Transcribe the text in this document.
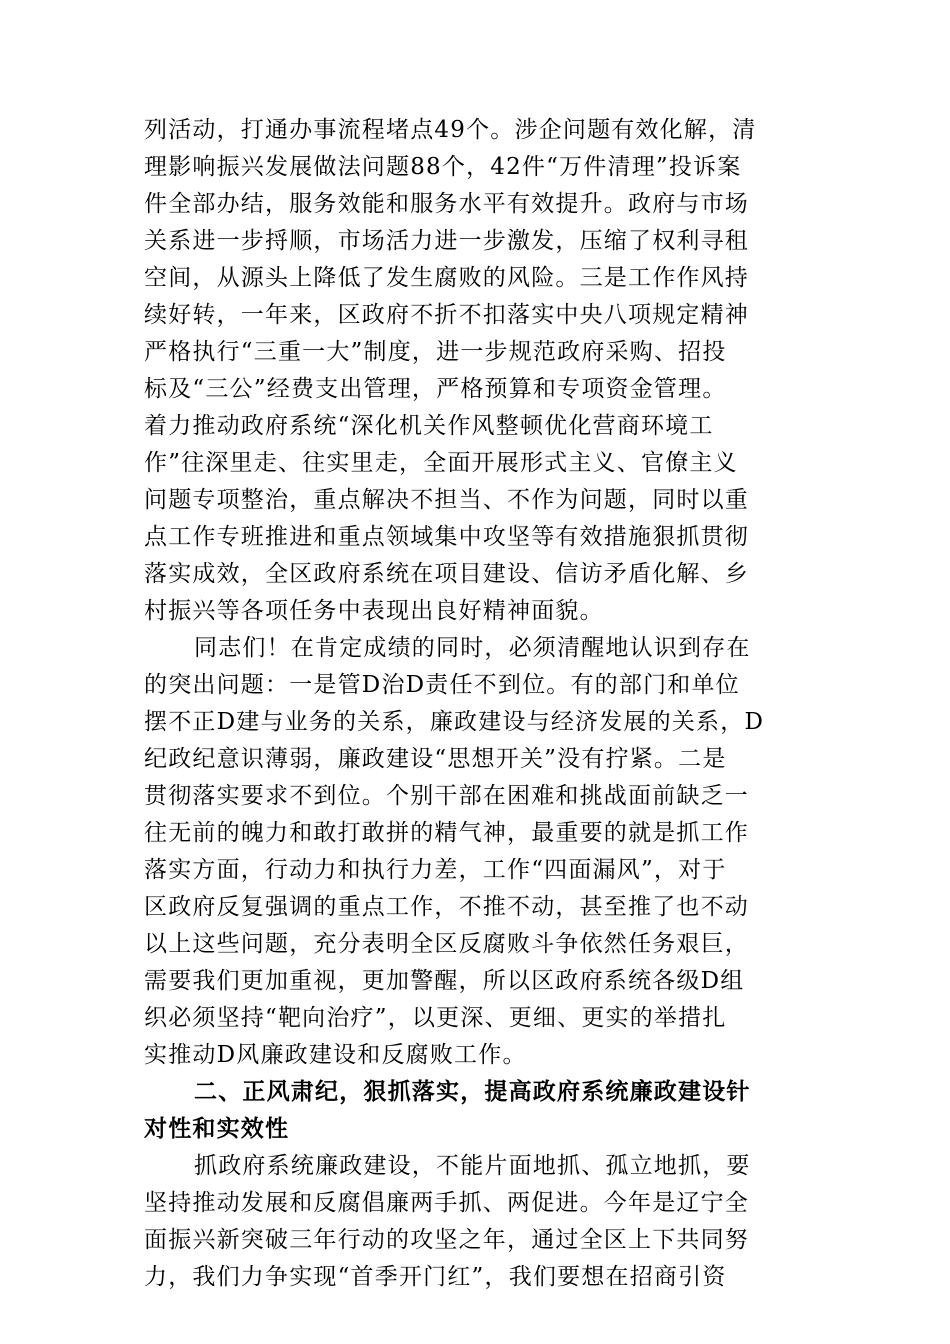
列活动，打通办事流程堵点49个。涉企问题有效化解，清
理影响振兴发展做法问题88个，42件“万件清理”投诉案
件全部办结，服务效能和服务水平有效提升。政府与市场
关系进一步捋顺，市场活力进一步激发，压缩了权利寻租
空间，从源头上降低了发生腐败的风险。三是工作作风持
续好转，一年来，区政府不折不扣落实中央八项规定精神
严格执行“三重一大”制度，进一步规范政府采购、招投
标及“三公”经费支出管理，严格预算和专项资金管理。
着力推动政府系统“深化机关作风整顿优化营商环境工
作”往深里走、往实里走，全面开展形式主义、官僚主义
问题专项整治，重点解决不担当、不作为问题，同时以重
点工作专班推进和重点领域集中攻坚等有效措施狠抓贯彻
落实成效，全区政府系统在项目建设、信访矛盾化解、乡
村振兴等各项任务中表现出良好精神面貌。
同志们！在肯定成绩的同时，必须清醒地认识到存在
的突出问题：一是管D治D责任不到位。有的部门和单位
摆不正D建与业务的关系，廉政建设与经济发展的关系，D
纪政纪意识薄弱，廉政建设“思想开关”没有拧紧。二是
贯彻落实要求不到位。个别干部在困难和挑战面前缺乏一
往无前的魄力和敢打敢拼的精气神，最重要的就是抓工作
落实方面，行动力和执行力差，工作“四面漏风”，对于
区政府反复强调的重点工作，不推不动，甚至推了也不动
以上这些问题，充分表明全区反腐败斗争依然任务艰巨，
需要我们更加重视，更加警醒，所以区政府系统各级D组
织必须坚持“靶向治疗”，以更深、更细、更实的举措扎
实推动D风廉政建设和反腐败工作。
二、正风肃纪，狠抓落实，提高政府系统廉政建设针
对性和实效性
抓政府系统廉政建设，不能片面地抓、孤立地抓，要
坚持推动发展和反腐倡廉两手抓、两促进。今年是辽宁全
面振兴新突破三年行动的攻坚之年，通过全区上下共同努
力，我们力争实现“首季开门红”，我们要想在招商引资
